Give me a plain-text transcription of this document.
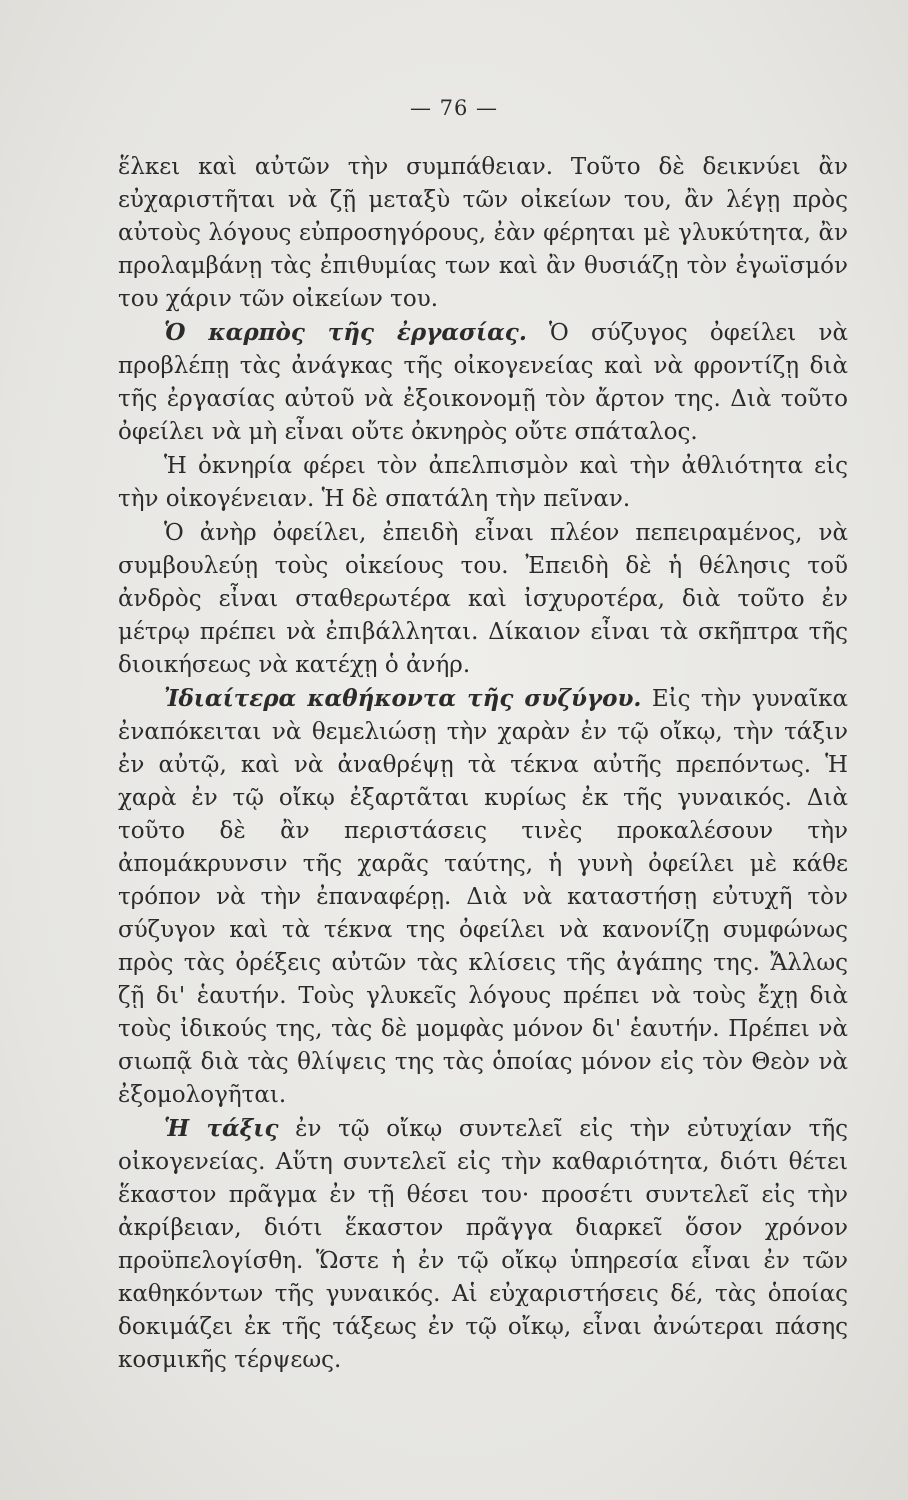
— 76 —

ἕλκει καὶ αὐτῶν τὴν συμπάθειαν. Τοῦτο δὲ δεικνύει ἂν εὐχαριστῆται νὰ ζῇ μεταξὺ τῶν οἰκείων του, ἂν λέγῃ πρὸς αὐτοὺς λόγους εὐπροσηγόρους, ἐὰν φέρηται μὲ γλυκύτητα, ἂν προλαμβάνῃ τὰς ἐπιθυμίας των καὶ ἂν θυσιάζῃ τὸν ἐγωϊσμόν του χάριν τῶν οἰκείων του.

Ὁ καρπὸς τῆς ἐργασίας. Ὁ σύζυγος ὀφείλει νὰ προβλέπῃ τὰς ἀνάγκας τῆς οἰκογενείας καὶ νὰ φροντίζῃ διὰ τῆς ἐργασίας αὐτοῦ νὰ ἐξοικονομῇ τὸν ἄρτον της. Διὰ τοῦτο ὀφείλει νὰ μὴ εἶναι οὔτε ὀκνηρὸς οὔτε σπάταλος.

Ἡ ὀκνηρία φέρει τὸν ἀπελπισμὸν καὶ τὴν ἀθλιότητα εἰς τὴν οἰκογένειαν. Ἡ δὲ σπατάλη τὴν πεῖναν.

Ὁ ἀνὴρ ὀφείλει, ἐπειδὴ εἶναι πλέον πεπειραμένος, νὰ συμβουλεύῃ τοὺς οἰκείους του. Ἐπειδὴ δὲ ἡ θέλησις τοῦ ἀνδρὸς εἶναι σταθερωτέρα καὶ ἰσχυροτέρα, διὰ τοῦτο ἐν μέτρῳ πρέπει νὰ ἐπιβάλληται. Δίκαιον εἶναι τὰ σκῆπτρα τῆς διοικήσεως νὰ κατέχῃ ὁ ἀνήρ.

Ἰδιαίτερα καθήκοντα τῆς συζύγου. Εἰς τὴν γυναῖκα ἐναπόκειται νὰ θεμελιώσῃ τὴν χαρὰν ἐν τῷ οἴκῳ, τὴν τάξιν ἐν αὐτῷ, καὶ νὰ ἀναθρέψῃ τὰ τέκνα αὐτῆς πρεπόντως. Ἡ χαρὰ ἐν τῷ οἴκῳ ἐξαρτᾶται κυρίως ἐκ τῆς γυναικός. Διὰ τοῦτο δὲ ἂν περιστάσεις τινὲς προκαλέσουν τὴν ἀπομάκρυνσιν τῆς χαρᾶς ταύτης, ἡ γυνὴ ὀφείλει μὲ κάθε τρόπον νὰ τὴν ἐπαναφέρῃ. Διὰ νὰ καταστήσῃ εὐτυχῆ τὸν σύζυγον καὶ τὰ τέκνα της ὀφείλει νὰ κανονίζῃ συμφώνως πρὸς τὰς ὀρέξεις αὐτῶν τὰς κλίσεις τῆς ἀγάπης της. Ἄλλως ζῇ δι' ἑαυτήν. Τοὺς γλυκεῖς λόγους πρέπει νὰ τοὺς ἔχῃ διὰ τοὺς ἰδικούς της, τὰς δὲ μομφὰς μόνον δι' ἑαυτήν. Πρέπει νὰ σιωπᾷ διὰ τὰς θλίψεις της τὰς ὁποίας μόνον εἰς τὸν Θεὸν νὰ ἐξομολογῆται.

Ἡ τάξις ἐν τῷ οἴκῳ συντελεῖ εἰς τὴν εὐτυχίαν τῆς οἰκογενείας. Αὕτη συντελεῖ εἰς τὴν καθαριότητα, διότι θέτει ἕκαστον πρᾶγμα ἐν τῇ θέσει του· προσέτι συντελεῖ εἰς τὴν ἀκρίβειαν, διότι ἕκαστον πρᾶγγα διαρκεῖ ὅσον χρόνον προϋπελογίσθη. Ὥστε ἡ ἐν τῷ οἴκῳ ὑπηρεσία εἶναι ἐν τῶν καθηκόντων τῆς γυναικός. Αἱ εὐχαριστήσεις δέ, τὰς ὁποίας δοκιμάζει ἐκ τῆς τάξεως ἐν τῷ οἴκῳ, εἶναι ἀνώτεραι πάσης κοσμικῆς τέρψεως.
